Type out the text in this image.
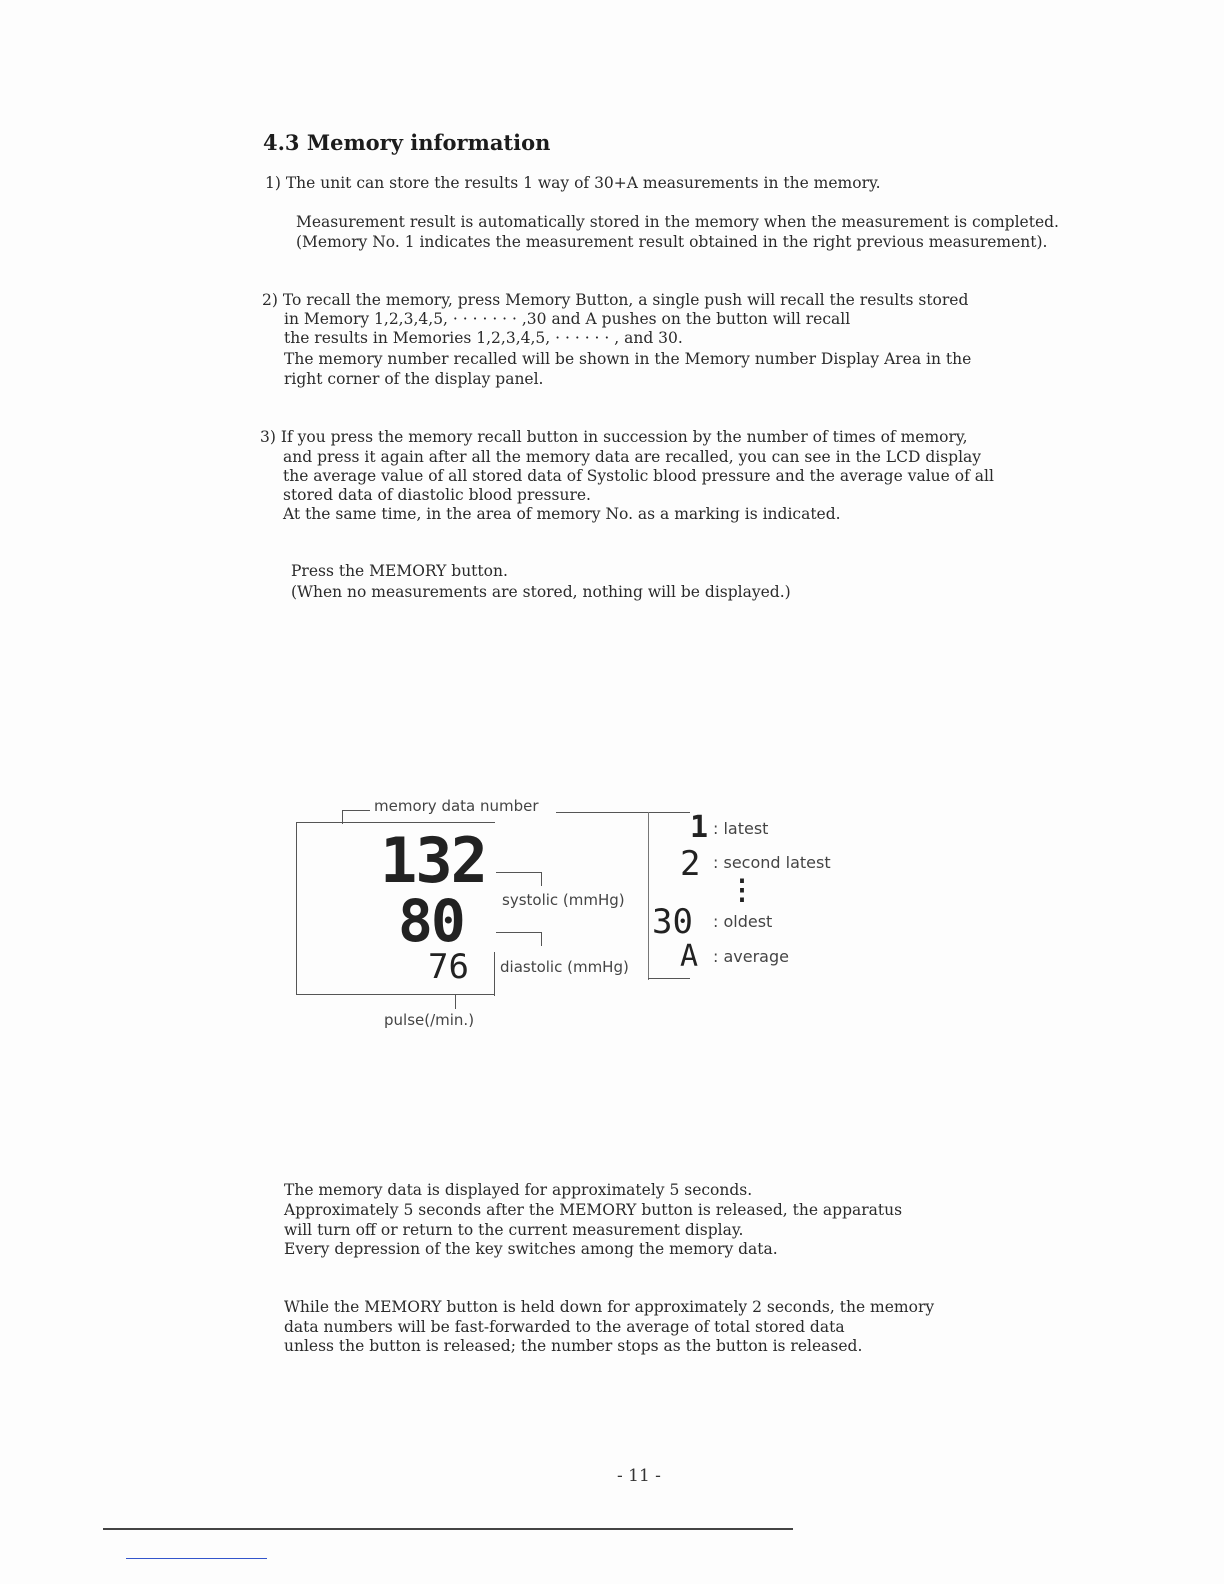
4.3 Memory information
1) The unit can store the results 1 way of 30+A measurements in the memory.
Measurement result is automatically stored in the memory when the measurement is completed.
(Memory No. 1 indicates the measurement result obtained in the right previous measurement).
2) To recall the memory, press Memory Button, a single push will recall the results stored
in Memory 1,2,3,4,5, · · · · · · · ,30 and A pushes on the button will recall
the results in Memories 1,2,3,4,5, · · · · · · , and 30.
The memory number recalled will be shown in the Memory number Display Area in the
right corner of the display panel.
3) If you press the memory recall button in succession by the number of times of memory,
and press it again after all the memory data are recalled, you can see in the LCD display
the average value of all stored data of Systolic blood pressure and the average value of all
stored data of diastolic blood pressure.
At the same time, in the area of memory No. as a marking is indicated.
Press the MEMORY button.
(When no measurements are stored, nothing will be displayed.)
memory data number
132
80
76
systolic (mmHg)
diastolic (mmHg)
pulse(/min.)
1 : latest
2 : second latest
⋮
30 : oldest
A : average
The memory data is displayed for approximately 5 seconds.
Approximately 5 seconds after the MEMORY button is released, the apparatus
will turn off or return to the current measurement display.
Every depression of the key switches among the memory data.
While the MEMORY button is held down for approximately 2 seconds, the memory
data numbers will be fast-forwarded to the average of total stored data
unless the button is released; the number stops as the button is released.
- 11 -
